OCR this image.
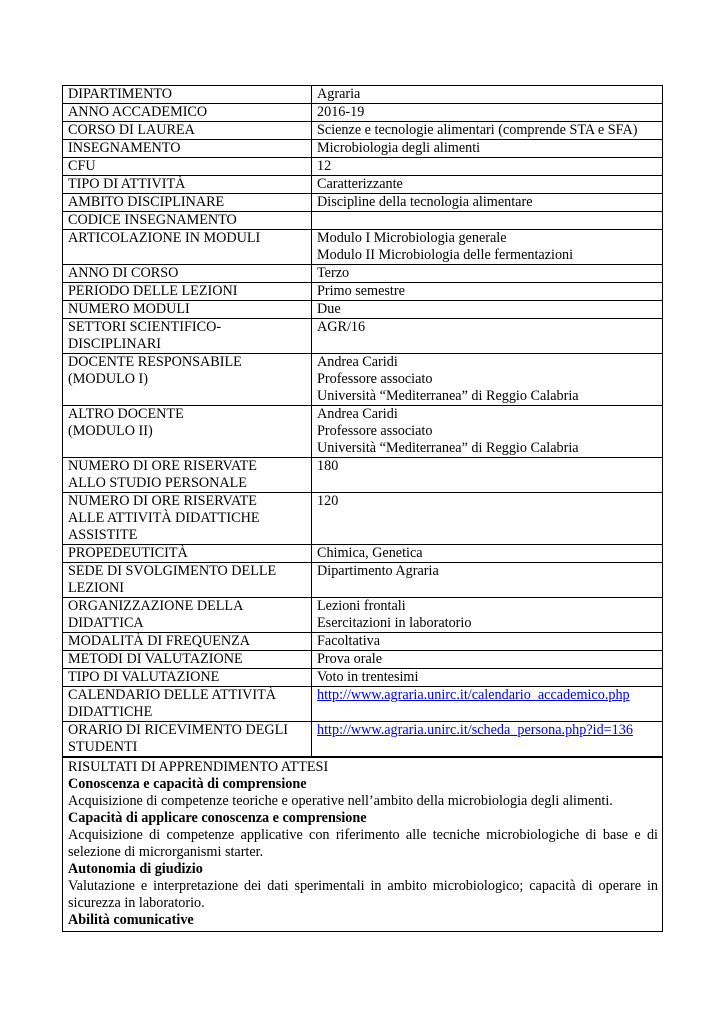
DIPARTIMENTO	Agraria
ANNO ACCADEMICO	2016-19
CORSO DI LAUREA	Scienze e tecnologie alimentari (comprende STA e SFA)
INSEGNAMENTO	Microbiologia degli alimenti
CFU	12
TIPO DI ATTIVITÀ	Caratterizzante
AMBITO DISCIPLINARE	Discipline della tecnologia alimentare
CODICE INSEGNAMENTO	
ARTICOLAZIONE IN MODULI	Modulo I Microbiologia generale
Modulo II Microbiologia delle fermentazioni
ANNO DI CORSO	Terzo
PERIODO DELLE LEZIONI	Primo semestre
NUMERO MODULI	Due
SETTORI SCIENTIFICO-
DISCIPLINARI	AGR/16
DOCENTE RESPONSABILE
(MODULO I)	Andrea Caridi
Professore associato
Università “Mediterranea” di Reggio Calabria
ALTRO DOCENTE
(MODULO II)	Andrea Caridi
Professore associato
Università “Mediterranea” di Reggio Calabria
NUMERO DI ORE RISERVATE
ALLO STUDIO PERSONALE	180
NUMERO DI ORE RISERVATE
ALLE ATTIVITÀ DIDATTICHE
ASSISTITE	120
PROPEDEUTICITÀ	Chimica, Genetica
SEDE DI SVOLGIMENTO DELLE
LEZIONI	Dipartimento Agraria
ORGANIZZAZIONE DELLA
DIDATTICA	Lezioni frontali
Esercitazioni in laboratorio
MODALITÀ DI FREQUENZA	Facoltativa
METODI DI VALUTAZIONE	Prova orale
TIPO DI VALUTAZIONE	Voto in trentesimi
CALENDARIO DELLE ATTIVITÀ
DIDATTICHE	http://www.agraria.unirc.it/calendario_accademico.php
ORARIO DI RICEVIMENTO DEGLI
STUDENTI	http://www.agraria.unirc.it/scheda_persona.php?id=136
RISULTATI DI APPRENDIMENTO ATTESI
Conoscenza e capacità di comprensione
Acquisizione di competenze teoriche e operative nell’ambito della microbiologia degli alimenti.
Capacità di applicare conoscenza e comprensione
Acquisizione di competenze applicative con riferimento alle tecniche microbiologiche di base e di selezione di microrganismi starter.
Autonomia di giudizio
Valutazione e interpretazione dei dati sperimentali in ambito microbiologico; capacità di operare in sicurezza in laboratorio.
Abilità comunicative
